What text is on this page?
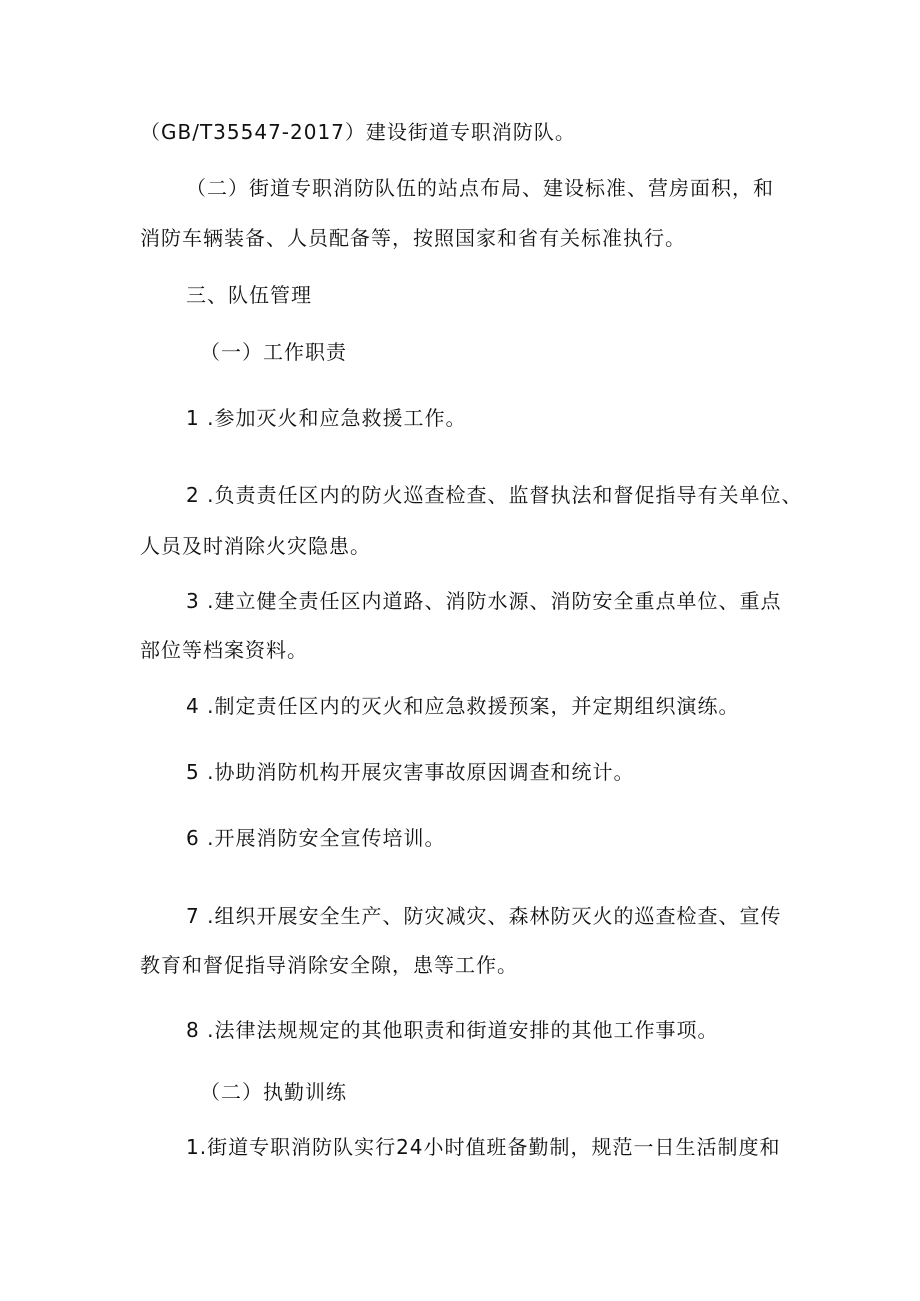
（GB/T35547-2017）建设街道专职消防队。
（二）街道专职消防队伍的站点布局、建设标准、营房面积，和
消防车辆装备、人员配备等，按照国家和省有关标准执行。
三、队伍管理
（一）工作职责
1 .参加灭火和应急救援工作。
2 .负责责任区内的防火巡查检查、监督执法和督促指导有关单位、
人员及时消除火灾隐患。
3 .建立健全责任区内道路、消防水源、消防安全重点单位、重点
部位等档案资料。
4 .制定责任区内的灭火和应急救援预案，并定期组织演练。
5 .协助消防机构开展灾害事故原因调查和统计。
6 .开展消防安全宣传培训。
7 .组织开展安全生产、防灾减灾、森林防灭火的巡查检查、宣传
教育和督促指导消除安全隙，患等工作。
8 .法律法规规定的其他职责和街道安排的其他工作事项。
（二）执勤训练
1.街道专职消防队实行24小时值班备勤制，规范一日生活制度和
